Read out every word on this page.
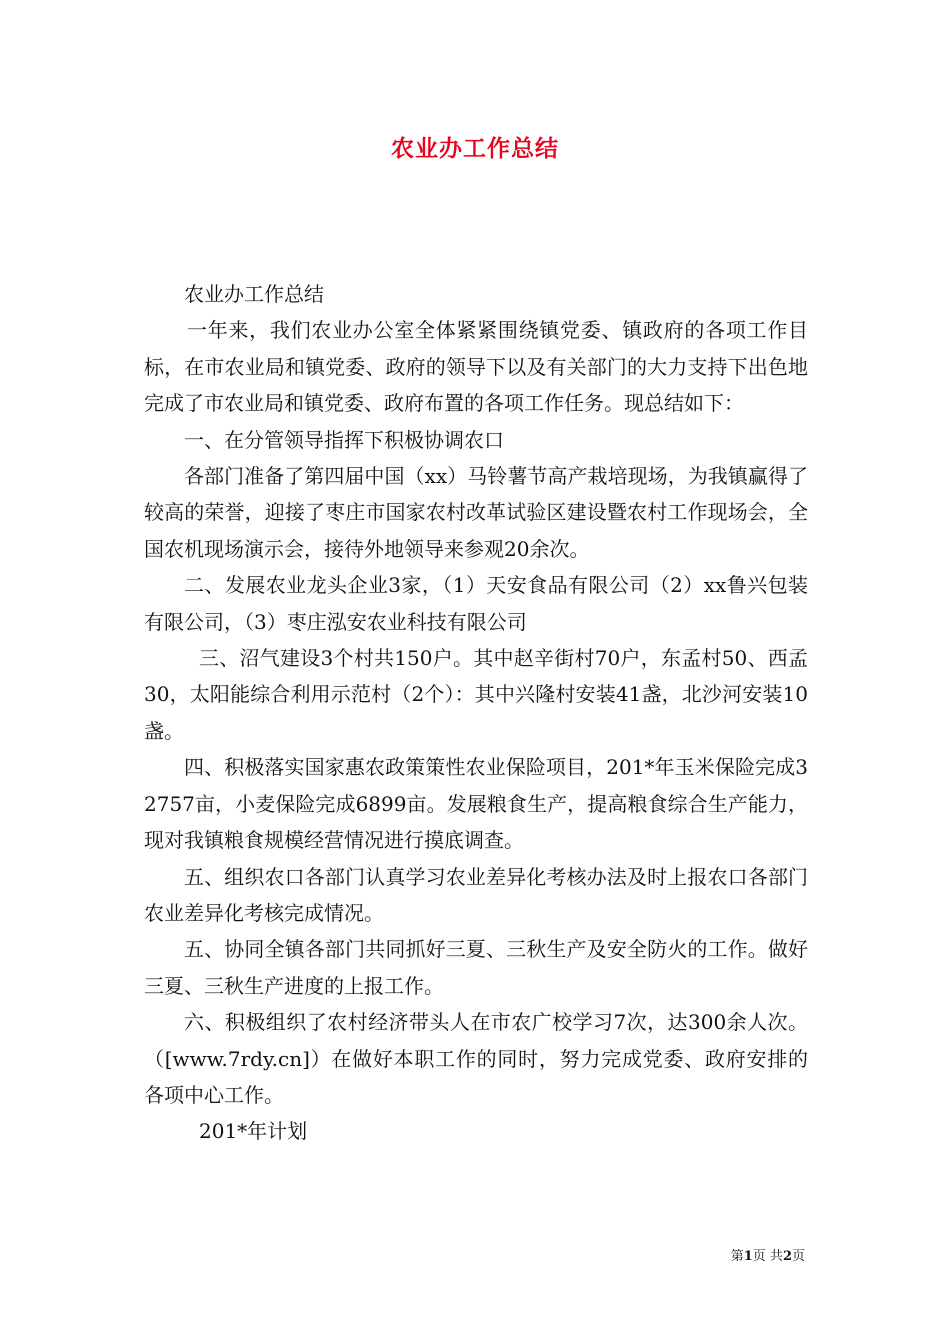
农业办工作总结

农业办工作总结

一年来，我们农业办公室全体紧紧围绕镇党委、镇政府的各项工作目标，在市农业局和镇党委、政府的领导下以及有关部门的大力支持下出色地完成了市农业局和镇党委、政府布置的各项工作任务。现总结如下：

一、在分管领导指挥下积极协调农口

各部门准备了第四届中国（xx）马铃薯节高产栽培现场，为我镇赢得了较高的荣誉，迎接了枣庄市国家农村改革试验区建设暨农村工作现场会，全国农机现场演示会，接待外地领导来参观20余次。

二、发展农业龙头企业3家，（1）天安食品有限公司（2）xx鲁兴包装有限公司，（3）枣庄泓安农业科技有限公司

三、沼气建设3个村共150户。其中赵辛街村70户，东孟村50、西孟30，太阳能综合利用示范村（2个）：其中兴隆村安装41盏，北沙河安装10盏。

四、积极落实国家惠农政策策性农业保险项目，201*年玉米保险完成32757亩，小麦保险完成6899亩。发展粮食生产，提高粮食综合生产能力，现对我镇粮食规模经营情况进行摸底调查。

五、组织农口各部门认真学习农业差异化考核办法及时上报农口各部门农业差异化考核完成情况。

五、协同全镇各部门共同抓好三夏、三秋生产及安全防火的工作。做好三夏、三秋生产进度的上报工作。

六、积极组织了农村经济带头人在市农广校学习7次，达300余人次。（[www.7rdy.cn]）在做好本职工作的同时，努力完成党委、政府安排的各项中心工作。

201*年计划

第1页 共2页
